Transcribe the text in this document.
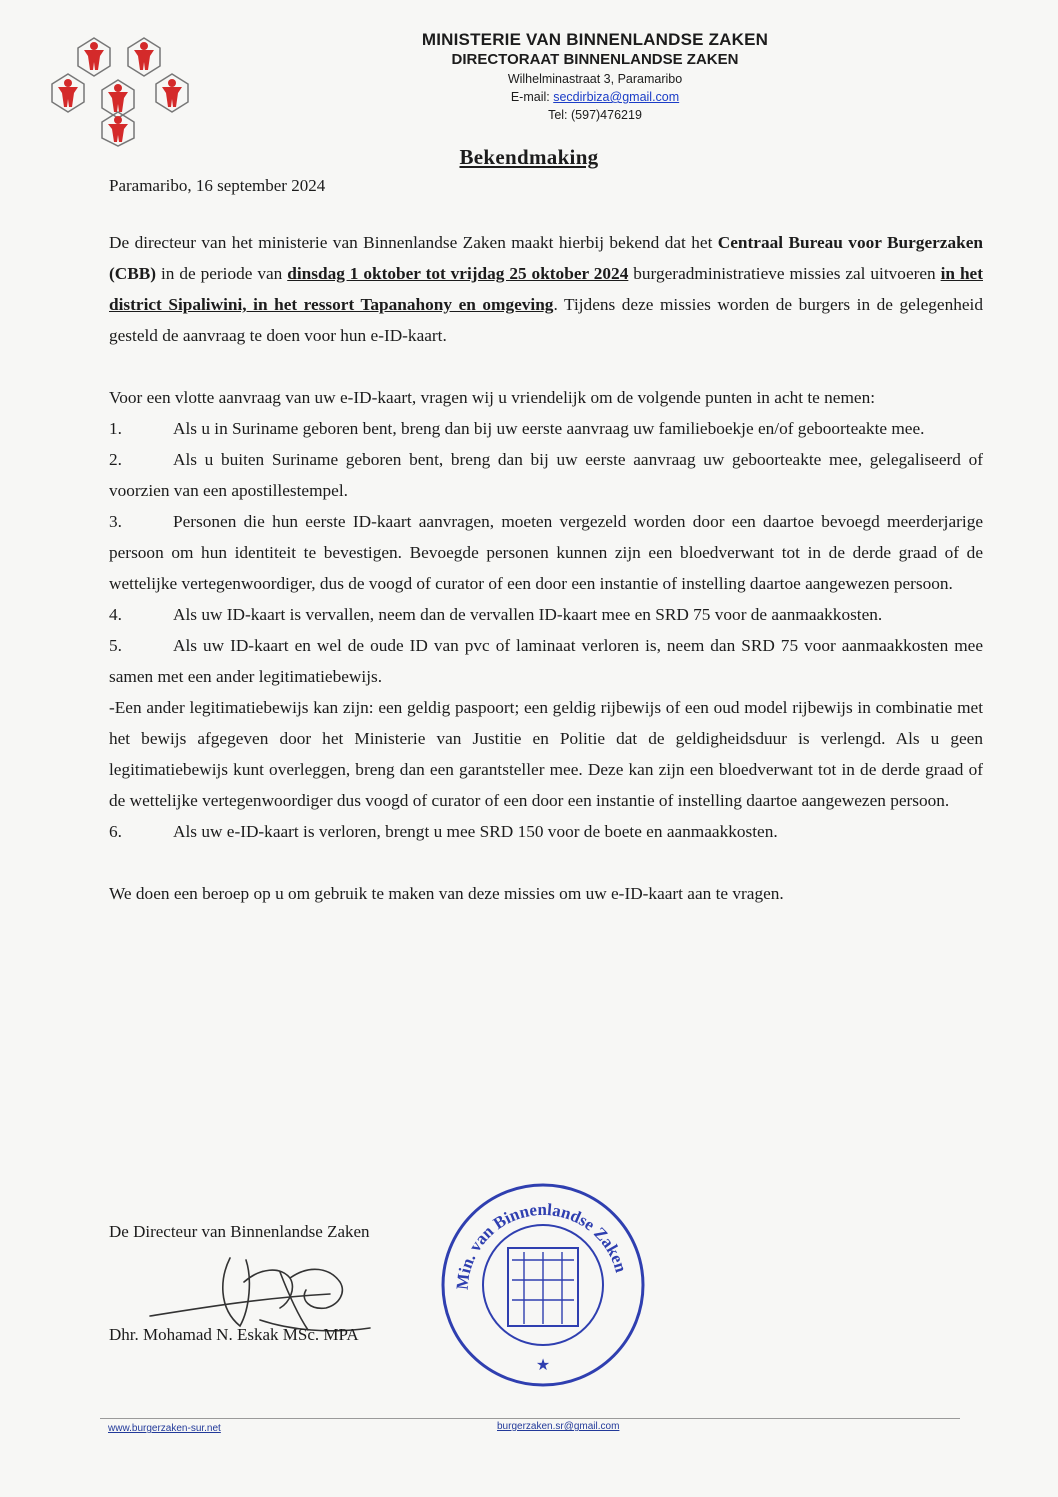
MINISTERIE VAN BINNENLANDSE ZAKEN
DIRECTORAAT BINNENLANDSE ZAKEN
Wilhelminastraat 3, Paramaribo
E-mail: secdirbiza@gmail.com
Tel: (597)476219
Bekendmaking
Paramaribo, 16 september 2024

De directeur van het ministerie van Binnenlandse Zaken maakt hierbij bekend dat het Centraal Bureau voor Burgerzaken (CBB) in de periode van dinsdag 1 oktober tot vrijdag 25 oktober 2024 burgeradministratieve missies zal uitvoeren in het district Sipaliwini, in het ressort Tapanahony en omgeving. Tijdens deze missies worden de burgers in de gelegenheid gesteld de aanvraag te doen voor hun e-ID-kaart.

Voor een vlotte aanvraag van uw e-ID-kaart, vragen wij u vriendelijk om de volgende punten in acht te nemen:

1.	Als u in Suriname geboren bent, breng dan bij uw eerste aanvraag uw familieboekje en/of geboorteakte mee.

2.	Als u buiten Suriname geboren bent, breng dan bij uw eerste aanvraag uw geboorteakte mee, gelegaliseerd of voorzien van een apostillestempel.

3.	Personen die hun eerste ID-kaart aanvragen, moeten vergezeld worden door een daartoe bevoegd meerderjarige persoon om hun identiteit te bevestigen. Bevoegde personen kunnen zijn een bloedverwant tot in de derde graad of de wettelijke vertegenwoordiger, dus de voogd of curator of een door een instantie of instelling daartoe aangewezen persoon.

4.	Als uw ID-kaart is vervallen, neem dan de vervallen ID-kaart mee en SRD 75 voor de aanmaakkosten.

5.	Als uw ID-kaart en wel de oude ID van pvc of laminaat verloren is, neem dan SRD 75 voor aanmaakkosten mee samen met een ander legitimatiebewijs.

-Een ander legitimatiebewijs kan zijn: een geldig paspoort; een geldig rijbewijs of een oud model rijbewijs in combinatie met het bewijs afgegeven door het Ministerie van Justitie en Politie dat de geldigheidsduur is verlengd. Als u geen legitimatiebewijs kunt overleggen, breng dan een garantsteller mee. Deze kan zijn een bloedverwant tot in de derde graad of de wettelijke vertegenwoordiger dus voogd of curator of een door een instantie of instelling daartoe aangewezen persoon.

6.	Als uw e-ID-kaart is verloren, brengt u mee SRD 150 voor de boete en aanmaakkosten.

We doen een beroep op u om gebruik te maken van deze missies om uw e-ID-kaart aan te vragen.

De Directeur van Binnenlandse Zaken
Dhr. Mohamad N. Eskak MSc. MPA
Min. van Binnenlandse Zaken
★
www.burgerzaken-sur.net	burgerzaken.sr@gmail.com
